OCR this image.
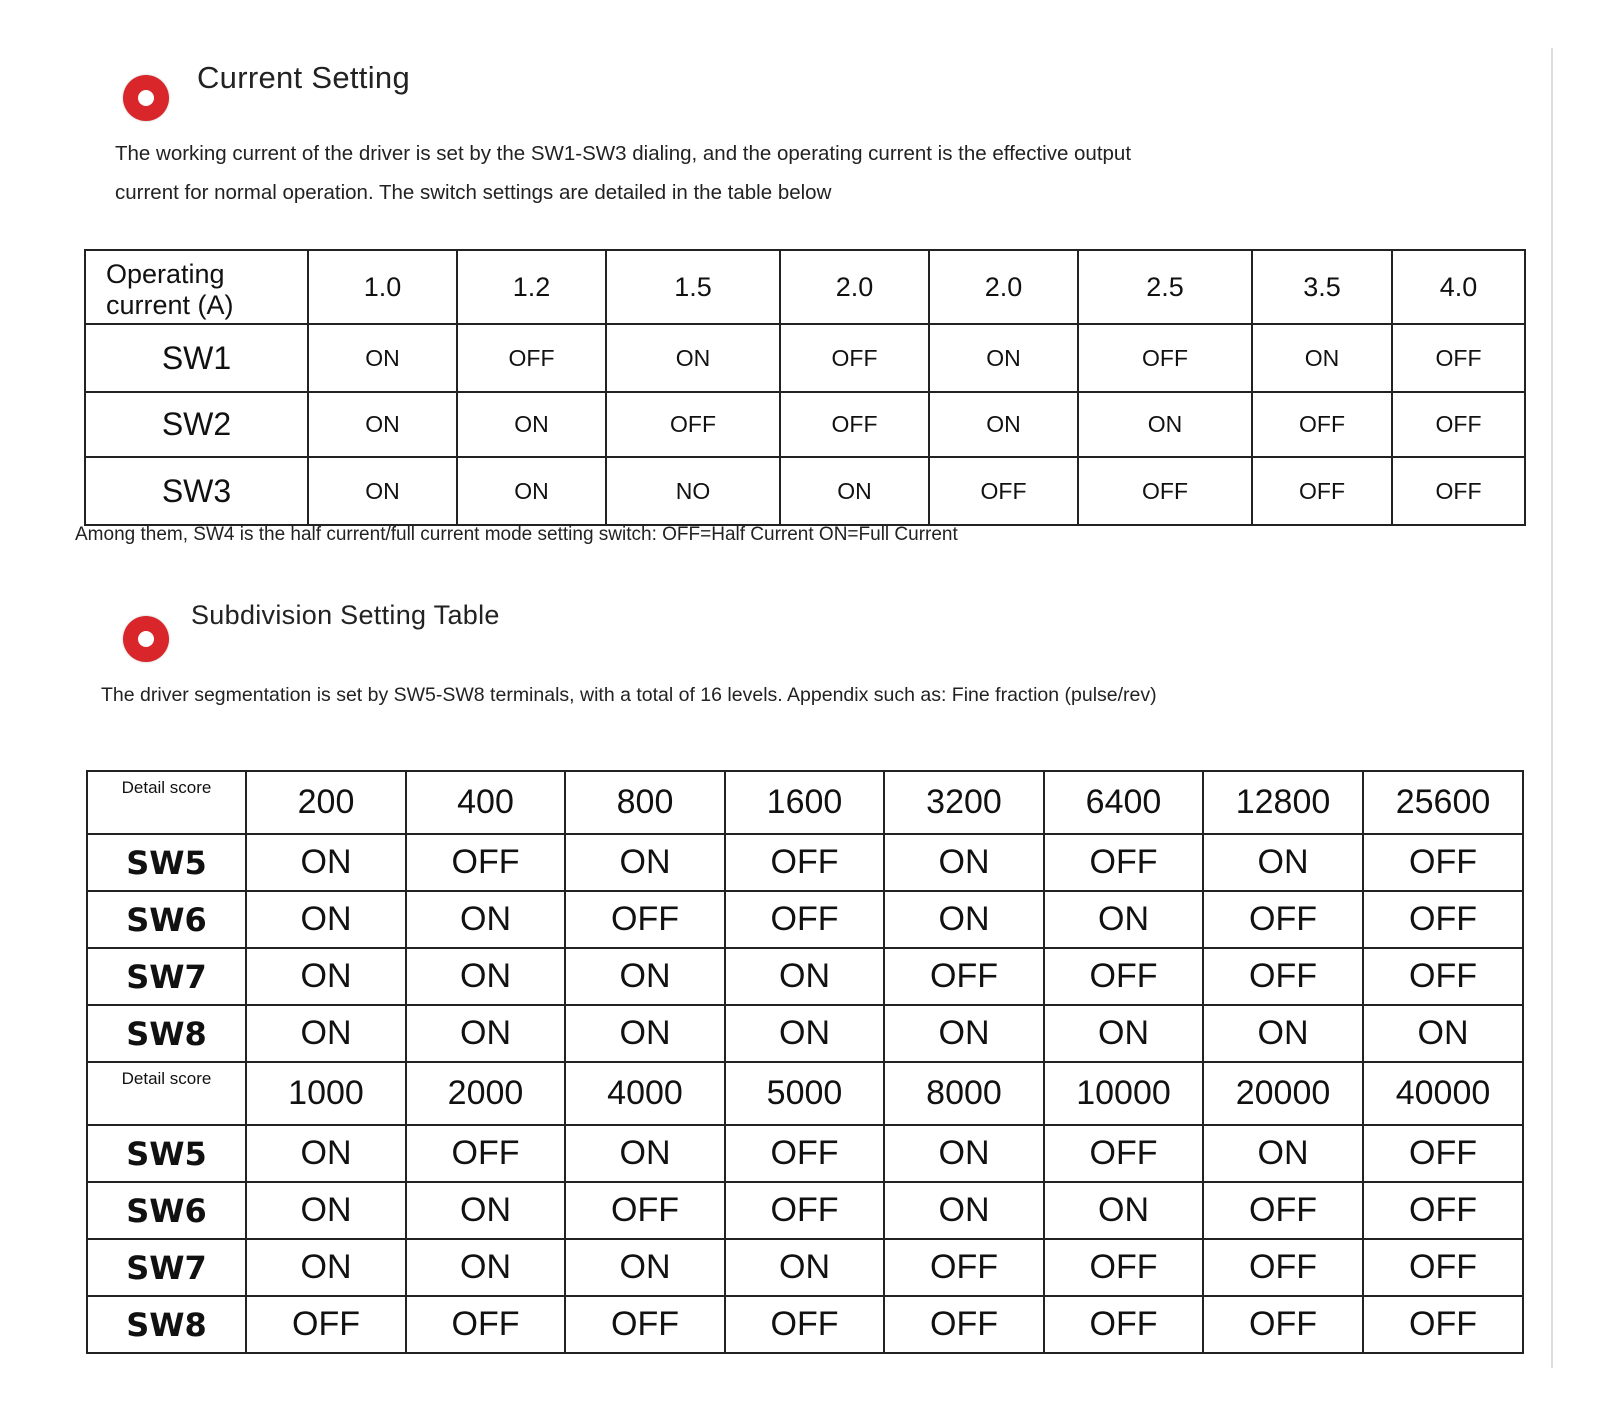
Current Setting
The working current of the driver is set by the SW1-SW3 dialing, and the operating current is the effective output
current for normal operation. The switch settings are detailed in the table below
Operating current (A)	1.0	1.2	1.5	2.0	2.0	2.5	3.5	4.0
SW1	ON	OFF	ON	OFF	ON	OFF	ON	OFF
SW2	ON	ON	OFF	OFF	ON	ON	OFF	OFF
SW3	ON	ON	NO	ON	OFF	OFF	OFF	OFF
Among them, SW4 is the half current/full current mode setting switch: OFF=Half Current ON=Full Current
Subdivision Setting Table
The driver segmentation is set by SW5-SW8 terminals, with a total of 16 levels. Appendix such as: Fine fraction (pulse/rev)
Detail score	200	400	800	1600	3200	6400	12800	25600
SW5	ON	OFF	ON	OFF	ON	OFF	ON	OFF
SW6	ON	ON	OFF	OFF	ON	ON	OFF	OFF
SW7	ON	ON	ON	ON	OFF	OFF	OFF	OFF
SW8	ON	ON	ON	ON	ON	ON	ON	ON
Detail score	1000	2000	4000	5000	8000	10000	20000	40000
SW5	ON	OFF	ON	OFF	ON	OFF	ON	OFF
SW6	ON	ON	OFF	OFF	ON	ON	OFF	OFF
SW7	ON	ON	ON	ON	OFF	OFF	OFF	OFF
SW8	OFF	OFF	OFF	OFF	OFF	OFF	OFF	OFF
